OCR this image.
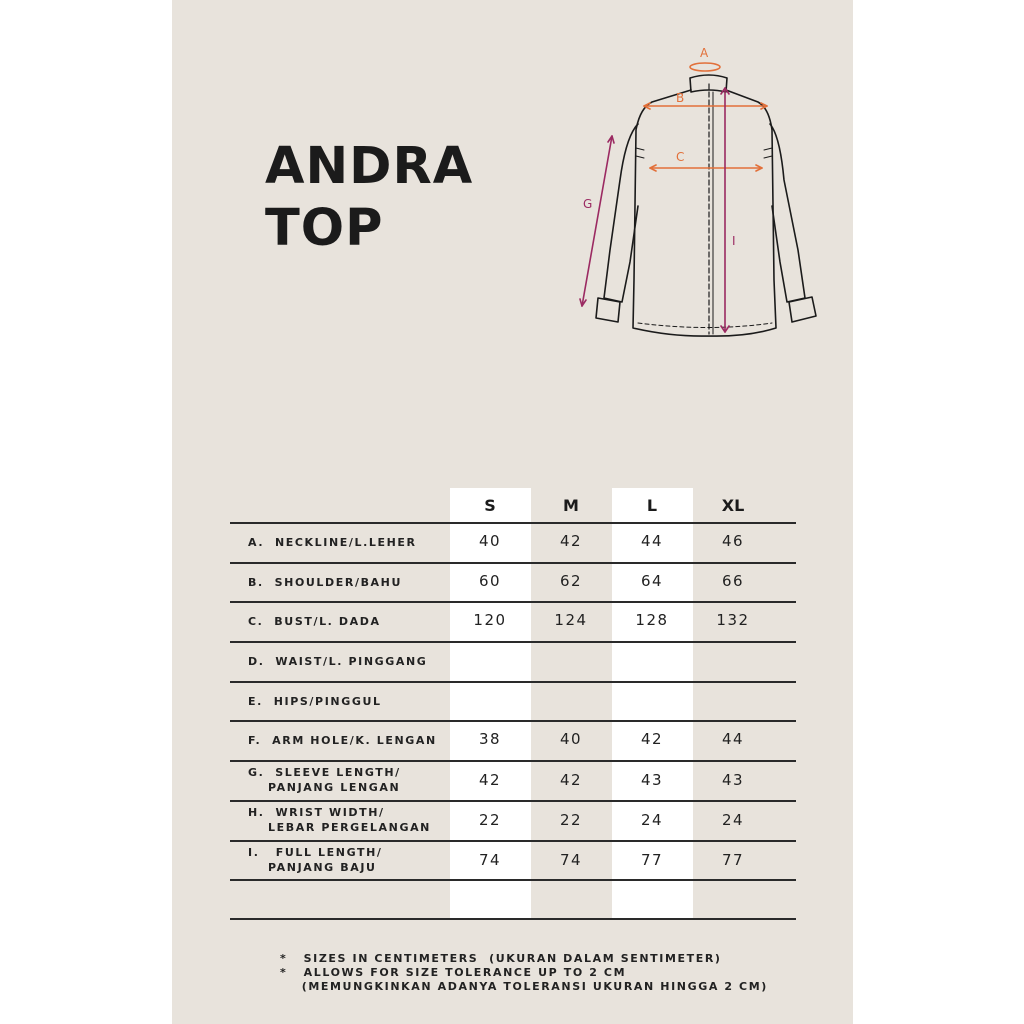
ANDRA
TOP
A
B
C
G
I
S	M	L	XL
A.  NECKLINE/L.LEHER	40	42	44	46
B.  SHOULDER/BAHU	60	62	64	66
C.  BUST/L. DADA	120	124	128	132
D.  WAIST/L. PINGGANG
E.  HIPS/PINGGUL
F.  ARM HOLE/K. LENGAN	38	40	42	44
G.  SLEEVE LENGTH/
PANJANG LENGAN	42	42	43	43
H.  WRIST WIDTH/
LEBAR PERGELANGAN	22	22	24	24
I.   FULL LENGTH/
PANJANG BAJU	74	74	77	77
*   SIZES IN CENTIMETERS  (UKURAN DALAM SENTIMETER)
*   ALLOWS FOR SIZE TOLERANCE UP TO 2 CM
(MEMUNGKINKAN ADANYA TOLERANSI UKURAN HINGGA 2 CM)
